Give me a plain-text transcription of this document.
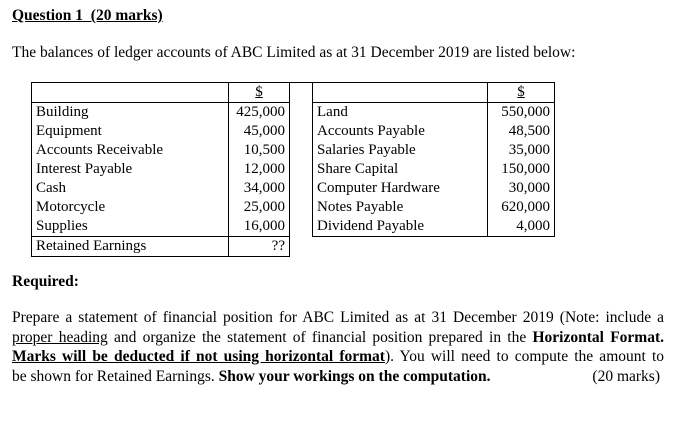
Question 1  (20 marks)
The balances of ledger accounts of ABC Limited as at 31 December 2019 are listed below:
	$			$
Building	425,000		Land	550,000
Equipment	45,000		Accounts Payable	48,500
Accounts Receivable	10,500		Salaries Payable	35,000
Interest Payable	12,000		Share Capital	150,000
Cash	34,000		Computer Hardware	30,000
Motorcycle	25,000		Notes Payable	620,000
Supplies	16,000		Dividend Payable	4,000
Retained Earnings	??			
Required:
Prepare a statement of financial position for ABC Limited as at 31 December 2019 (Note: include a
proper heading and organize the statement of financial position prepared in the Horizontal Format.
Marks will be deducted if not using horizontal format). You will need to compute the amount to
be shown for Retained Earnings. Show your workings on the computation.	(20 marks)
